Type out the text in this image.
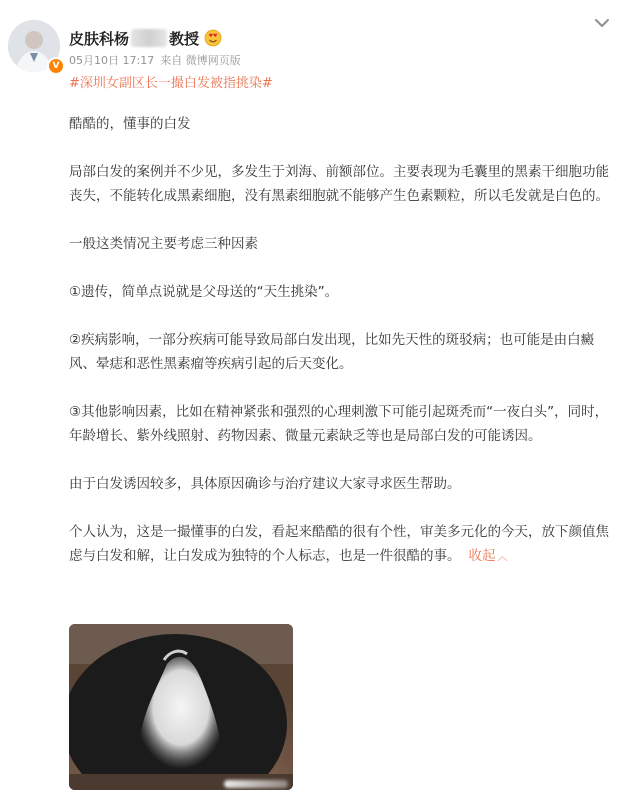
V
皮肤科杨	教授
05月10日 17:17 来自 微博网页版
#深圳女副区长一撮白发被指挑染#

酷酷的，懂事的白发

局部白发的案例并不少见，多发生于刘海、前额部位。主要表现为毛囊里的黑素干细胞功能丧失，不能转化成黑素细胞，没有黑素细胞就不能够产生色素颗粒，所以毛发就是白色的。

一般这类情况主要考虑三种因素

①遗传，简单点说就是父母送的“天生挑染”。

②疾病影响，一部分疾病可能导致局部白发出现，比如先天性的斑驳病；也可能是由白癜风、晕痣和恶性黑素瘤等疾病引起的后天变化。

③其他影响因素，比如在精神紧张和强烈的心理刺激下可能引起斑秃而“一夜白头”，同时，年龄增长、紫外线照射、药物因素、微量元素缺乏等也是局部白发的可能诱因。

由于白发诱因较多，具体原因确诊与治疗建议大家寻求医生帮助。

个人认为，这是一撮懂事的白发，看起来酷酷的很有个性，审美多元化的今天，放下颜值焦虑与白发和解，让白发成为独特的个人标志，也是一件很酷的事。 收起 ︿
